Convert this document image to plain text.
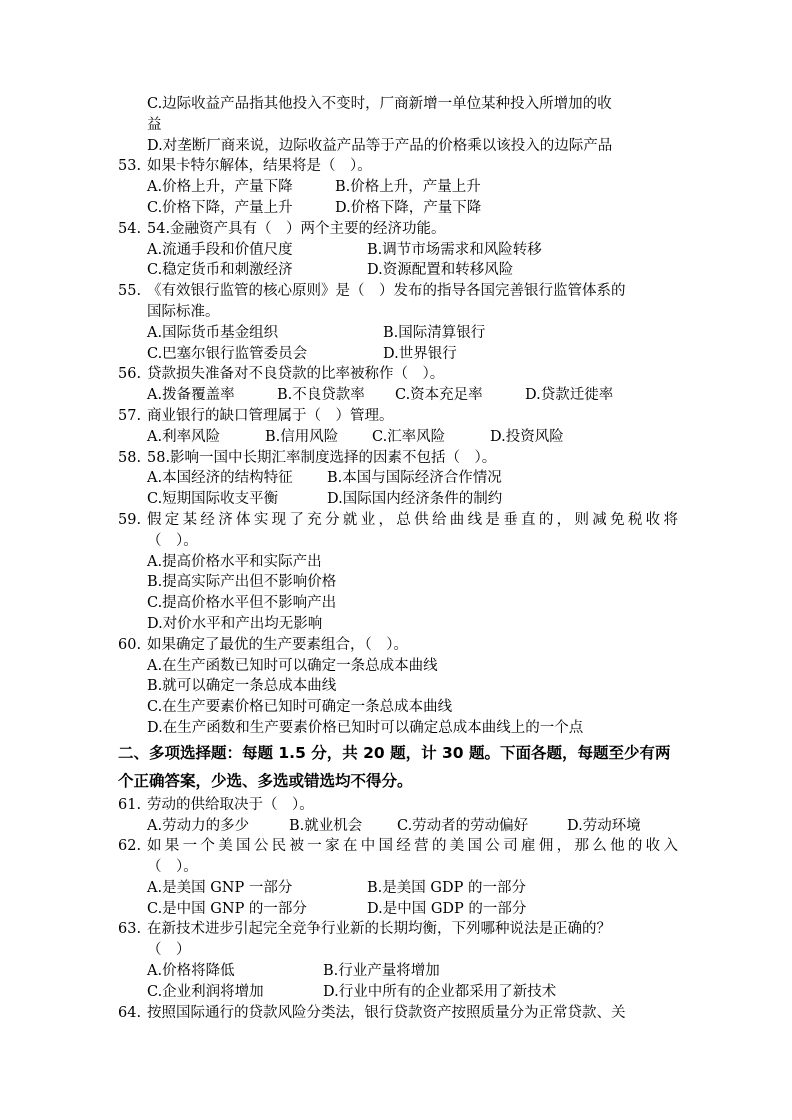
C.边际收益产品指其他投入不变时，厂商新增一单位某种投入所增加的收
益
D.对垄断厂商来说，边际收益产品等于产品的价格乘以该投入的边际产品
53. 如果卡特尔解体，结果将是（　）。
A.价格上升，产量下降	B.价格上升，产量上升
C.价格下降，产量上升	D.价格下降，产量下降
54. 54.金融资产具有（　）两个主要的经济功能。
A.流通手段和价值尺度	B.调节市场需求和风险转移
C.稳定货币和刺激经济	D.资源配置和转移风险
55. 《有效银行监管的核心原则》是（　）发布的指导各国完善银行监管体系的
国际标准。
A.国际货币基金组织	B.国际清算银行
C.巴塞尔银行监管委员会	D.世界银行
56. 贷款损失准备对不良贷款的比率被称作（　）。
A.拨备覆盖率	B.不良贷款率 C.资本充足率	D.贷款迁徙率
57. 商业银行的缺口管理属于（　）管理。
A.利率风险	B.信用风险 C.汇率风险	D.投资风险
58. 58.影响一国中长期汇率制度选择的因素不包括（　）。
A.本国经济的结构特征 B.本国与国际经济合作情况
C.短期国际收支平衡	D.国际国内经济条件的制约
59. 假定某经济体实现了充分就业，总供给曲线是垂直的，则减免税收将
（　）。
A.提高价格水平和实际产出
B.提高实际产出但不影响价格
C.提高价格水平但不影响产出
D.对价水平和产出均无影响
60. 如果确定了最优的生产要素组合，（　）。
A.在生产函数已知时可以确定一条总成本曲线
B.就可以确定一条总成本曲线
C.在生产要素价格已知时可确定一条总成本曲线
D.在生产函数和生产要素价格已知时可以确定总成本曲线上的一个点
二、多项选择题：每题 1.5 分，共 20 题，计 30 题。下面各题，每题至少有两
个正确答案，少选、多选或错选均不得分。
61. 劳动的供给取决于（　）。
A.劳动力的多少	B.就业机会 C.劳动者的劳动偏好	D.劳动环境
62. 如果一个美国公民被一家在中国经营的美国公司雇佣，那么他的收入
（　）。
A.是美国 GNP 一部分	B.是美国 GDP 的一部分
C.是中国 GNP 的一部分	D.是中国 GDP 的一部分
63. 在新技术进步引起完全竞争行业新的长期均衡，下列哪种说法是正确的？
（　）
A.价格将降低	B.行业产量将增加
C.企业利润将增加	D.行业中所有的企业都采用了新技术
64. 按照国际通行的贷款风险分类法，银行贷款资产按照质量分为正常贷款、关
